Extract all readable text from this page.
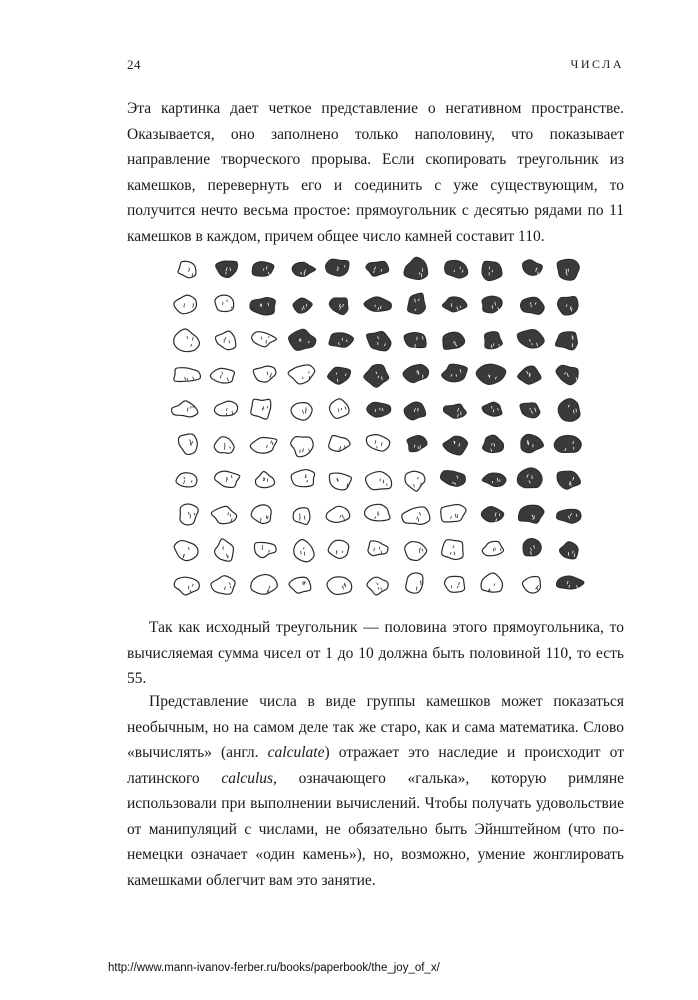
24	ЧИСЛА

Эта картинка дает четкое представление о негативном пространстве. Оказывается, оно заполнено только наполовину, что показывает направление творческого прорыва. Если скопировать треугольник из камешков, перевернуть его и соединить с уже существующим, то получится нечто весьма простое: прямоугольник с десятью рядами по 11 камешков в каждом, причем общее число камней составит 110.

Так как исходный треугольник — половина этого прямоугольника, то вычисляемая сумма чисел от 1 до 10 должна быть половиной 110, то есть 55.

Представление числа в виде группы камешков может показаться необычным, но на самом деле так же старо, как и сама математика. Слово «вычислять» (англ. calculate) отражает это наследие и происходит от латинского calculus, означающего «галька», которую римляне использовали при выполнении вычислений. Чтобы получать удовольствие от манипуляций с числами, не обязательно быть Эйнштейном (что по-немецки означает «один камень»), но, возможно, умение жонглировать камешками облегчит вам это занятие.

http://www.mann-ivanov-ferber.ru/books/paperbook/the_joy_of_x/
